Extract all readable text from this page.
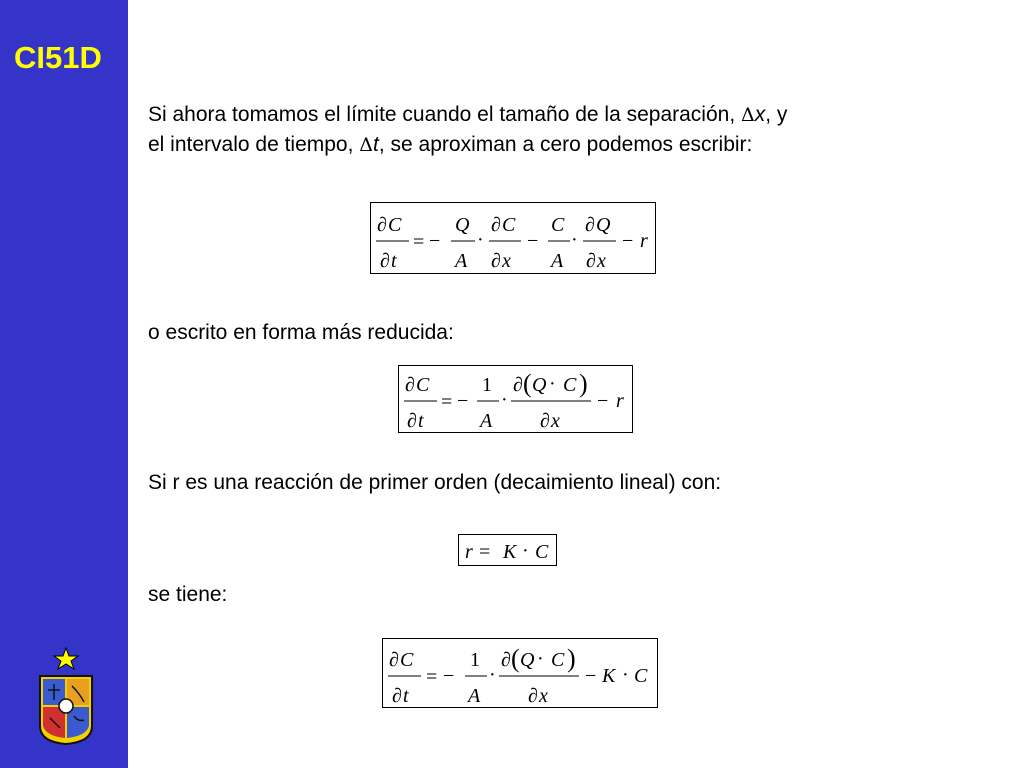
CI51D
Si ahora tomamos el límite cuando el tamaño de la separación, Δx, y
el intervalo de tiempo, Δt, se aproximan a cero podemos escribir:
∂ C
∂ t
= −
Q
A
·
∂ C
∂ x
−
C
A
·
∂ Q
∂ x
− r
o escrito en forma más reducida:
∂ C
∂ t
= −
1
A
·
∂ ( Q · C )
∂ x
− r
Si r es una reacción de primer orden (decaimiento lineal) con:
r = K · C
se tiene:
∂ C
∂ t
= −
1
A
·
∂ ( Q · C )
∂ x
− K · C
